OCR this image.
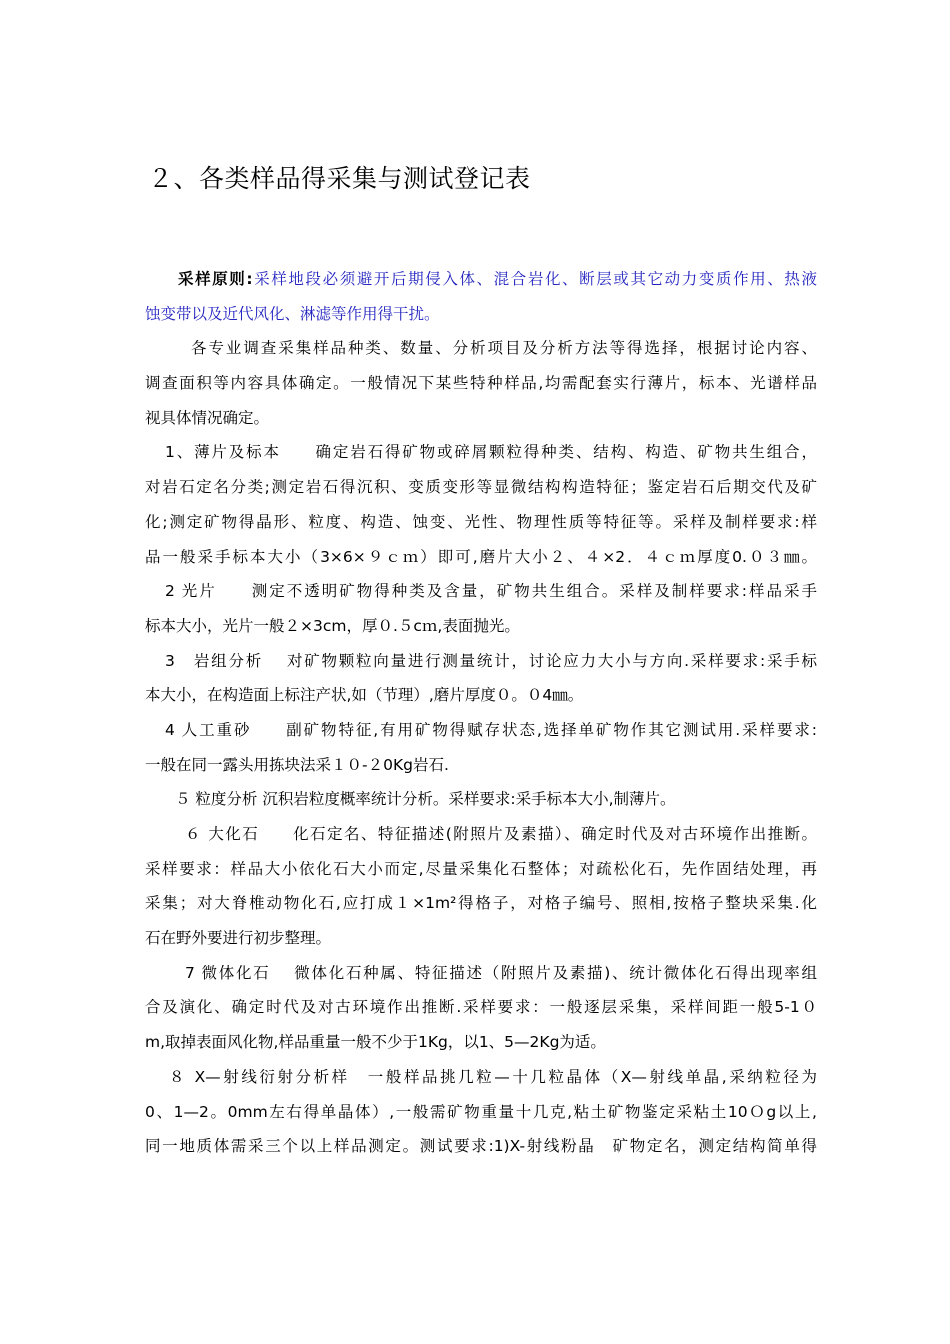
２、各类样品得采集与测试登记表
采样原则:采样地段必须避开后期侵入体、混合岩化、断层或其它动力变质作用、热液
蚀变带以及近代风化、淋滤等作用得干扰。
各专业调查采集样品种类、数量、分析项目及分析方法等得选择，根据讨论内容、
调查面积等内容具体确定。一般情况下某些特种样品,均需配套实行薄片，标本、光谱样品
视具体情况确定。
1、薄片及标本　　确定岩石得矿物或碎屑颗粒得种类、结构、构造、矿物共生组合，
对岩石定名分类;测定岩石得沉积、变质变形等显微结构构造特征；鉴定岩石后期交代及矿
化;测定矿物得晶形、粒度、构造、蚀变、光性、物理性质等特征等。采样及制样要求:样
品一般采手标本大小（3×6×９ｃｍ）即可,磨片大小２、４×2．４ｃｍ厚度0.０３㎜。
2 光片　　测定不透明矿物得种类及含量，矿物共生组合。采样及制样要求:样品采手
标本大小，光片一般２×3cm，厚０.５cｍ,表面抛光。
3　岩组分析　 对矿物颗粒向量进行测量统计，讨论应力大小与方向.采样要求:采手标
本大小，在构造面上标注产状,如（节理）,磨片厚度０。０4㎜。
4 人工重砂　　副矿物特征,有用矿物得赋存状态,选择单矿物作其它测试用.采样要求:
一般在同一露头用拣块法采１０-２0Kg岩石.
５ 粒度分析 沉积岩粒度概率统计分析。采样要求:采手标本大小,制薄片。
６ 大化石　　化石定名、特征描述(附照片及素描）、确定时代及对古环境作出推断。
采样要求：样品大小依化石大小而定,尽量采集化石整体；对疏松化石，先作固结处理，再
采集；对大脊椎动物化石,应打成１×1m²得格子，对格子编号、照相,按格子整块采集.化
石在野外要进行初步整理。
7 微体化石　 微体化石种属、特征描述（附照片及素描)、统计微体化石得出现率组
合及演化、确定时代及对古环境作出推断.采样要求：一般逐层采集，采样间距一般5-1０
m,取掉表面风化物,样品重量一般不少于1Kg，以1、5—2Kg为适。
８ X—射线衍射分析样　一般样品挑几粒—十几粒晶体（X—射线单晶,采纳粒径为
0、1—2。0mm左右得单晶体）,一般需矿物重量十几克,粘土矿物鉴定采粘土10Ｏg以上,
同一地质体需采三个以上样品测定。测试要求:1)X-射线粉晶　矿物定名，测定结构简单得
